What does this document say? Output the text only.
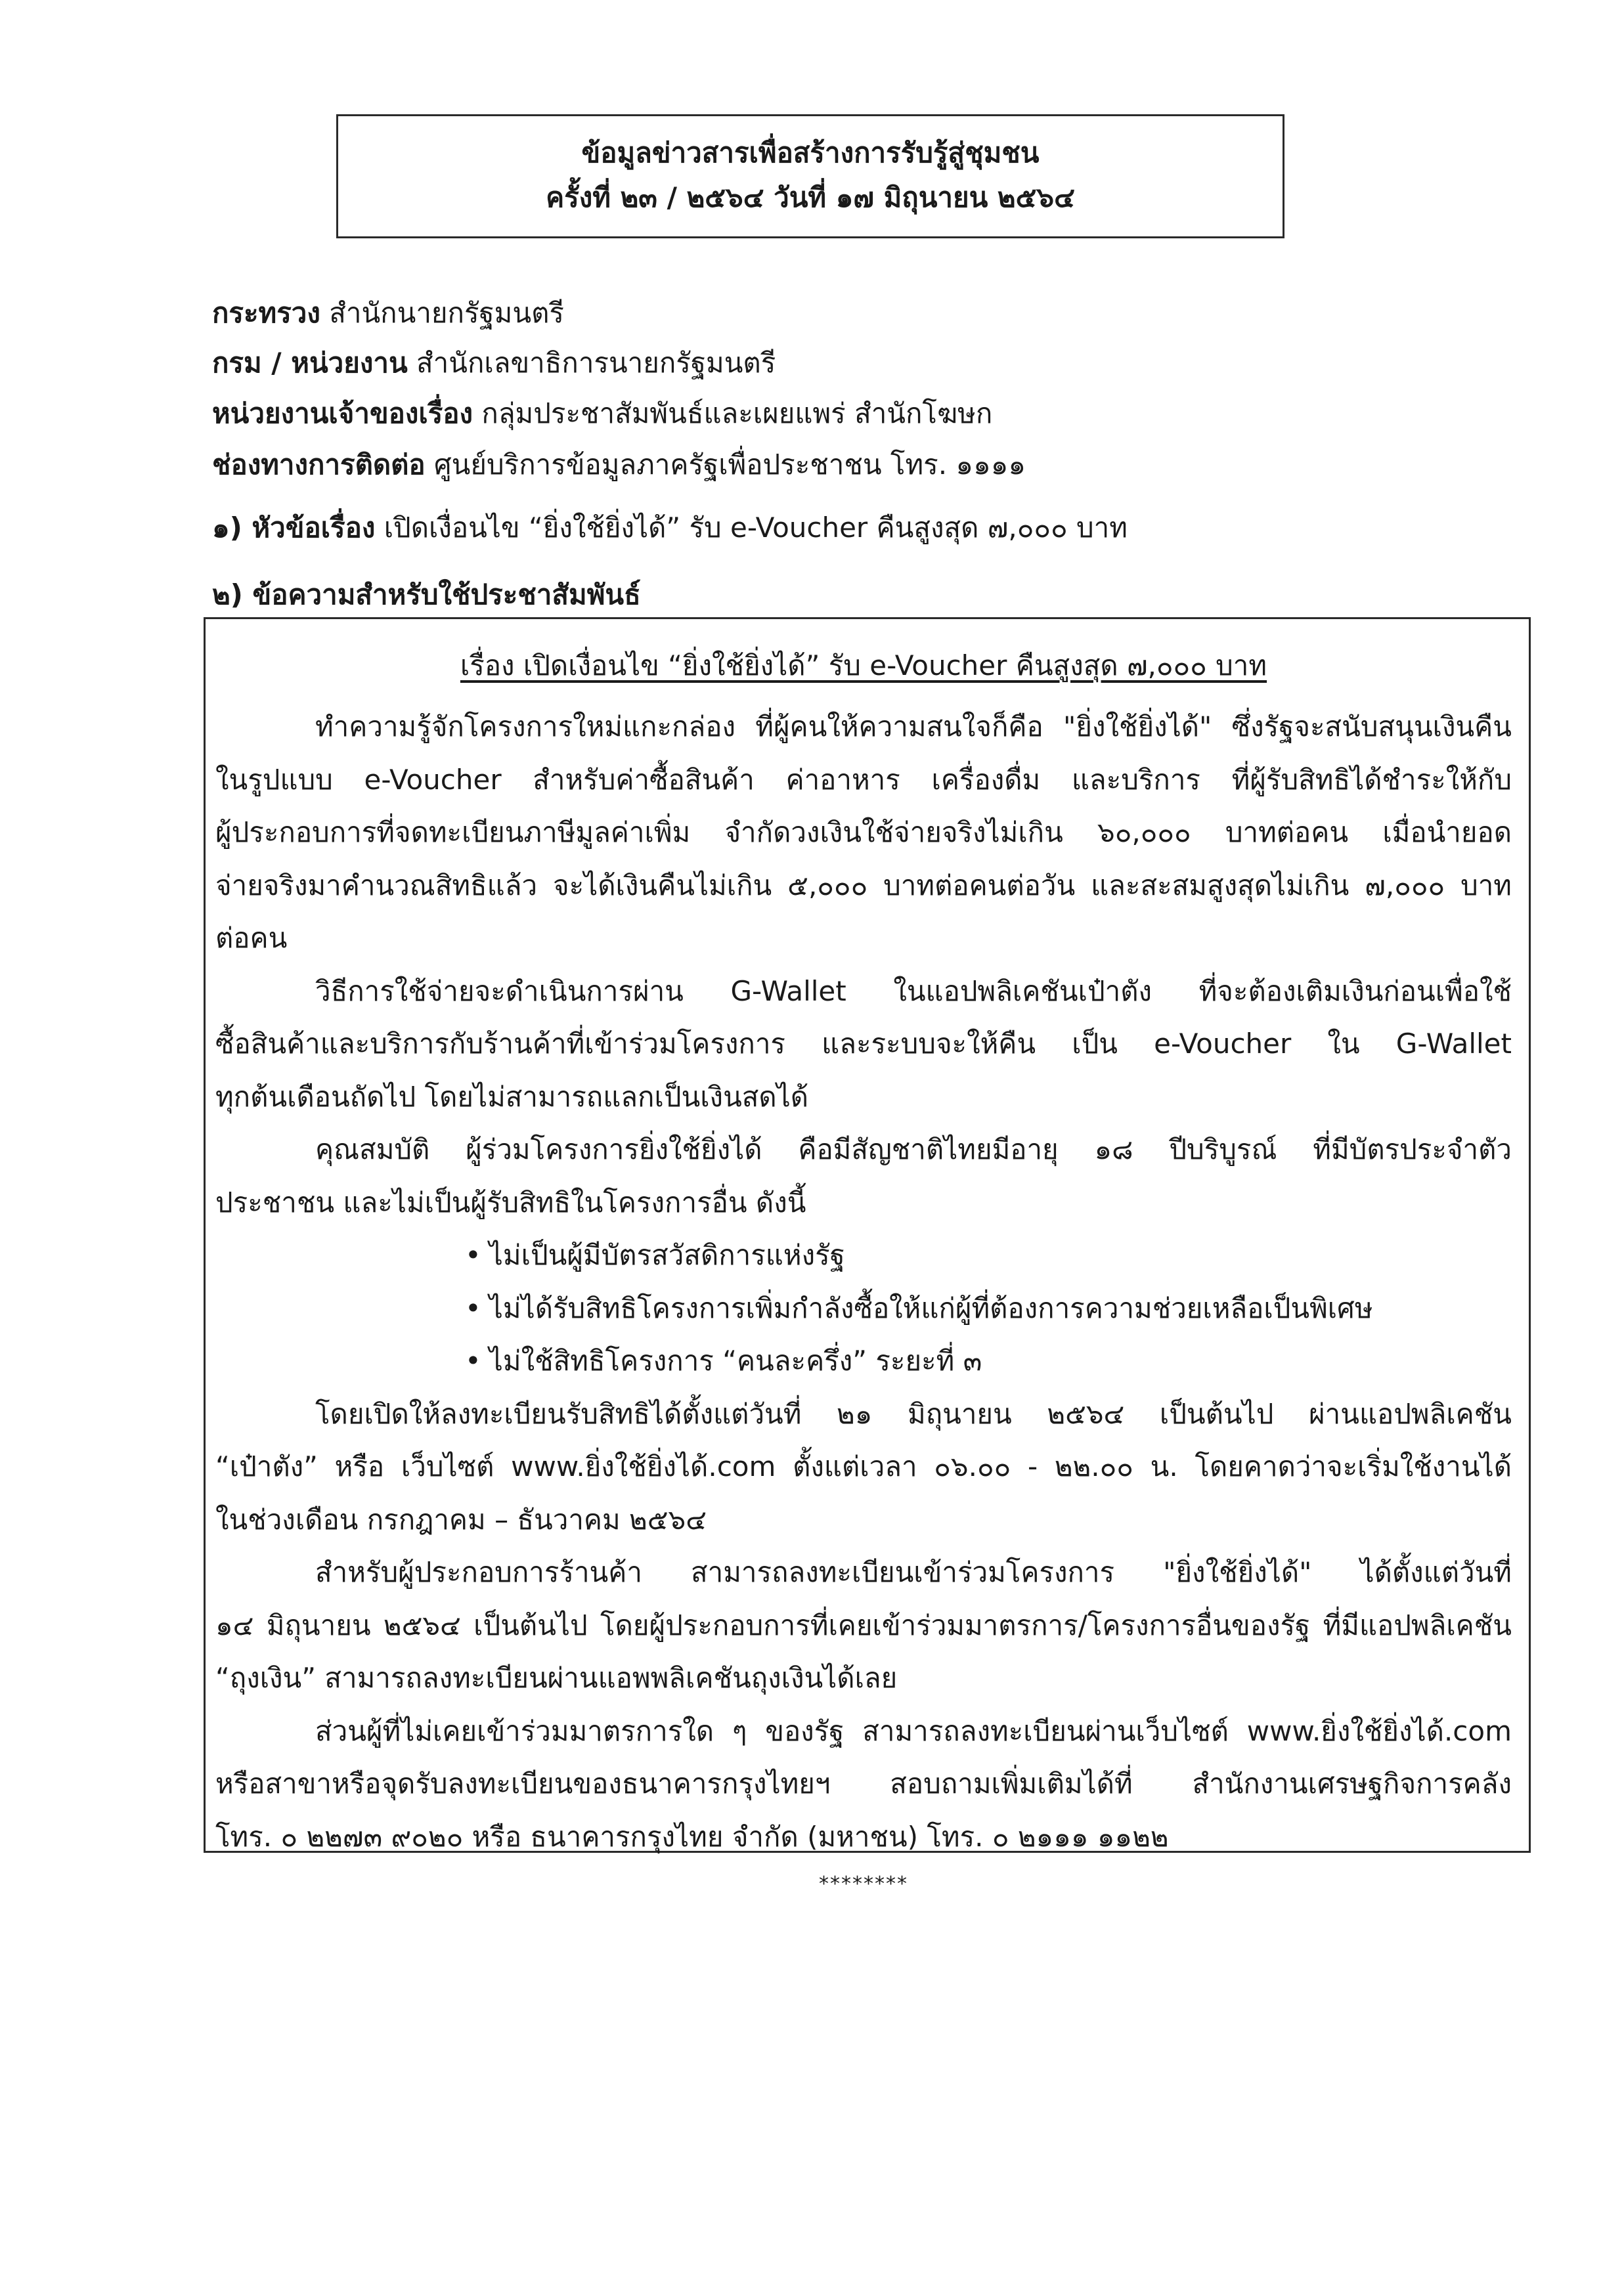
ข้อมูลข่าวสารเพื่อสร้างการรับรู้สู่ชุมชน
ครั้งที่ ๒๓ / ๒๕๖๔ วันที่ ๑๗ มิถุนายน ๒๕๖๔
กระทรวง สำนักนายกรัฐมนตรี
กรม / หน่วยงาน สำนักเลขาธิการนายกรัฐมนตรี
หน่วยงานเจ้าของเรื่อง กลุ่มประชาสัมพันธ์และเผยแพร่ สำนักโฆษก
ช่องทางการติดต่อ ศูนย์บริการข้อมูลภาครัฐเพื่อประชาชน โทร. ๑๑๑๑
๑) หัวข้อเรื่อง เปิดเงื่อนไข “ยิ่งใช้ยิ่งได้” รับ e-Voucher คืนสูงสุด ๗,๐๐๐ บาท
๒) ข้อความสำหรับใช้ประชาสัมพันธ์
เรื่อง เปิดเงื่อนไข “ยิ่งใช้ยิ่งได้” รับ e-Voucher คืนสูงสุด ๗,๐๐๐ บาท
ทำความรู้จักโครงการใหม่แกะกล่อง ที่ผู้คนให้ความสนใจก็คือ "ยิ่งใช้ยิ่งได้" ซึ่งรัฐจะสนับสนุนเงินคืน
ในรูปแบบ e-Voucher สำหรับค่าซื้อสินค้า ค่าอาหาร เครื่องดื่ม และบริการ ที่ผู้รับสิทธิได้ชำระให้กับ
ผู้ประกอบการที่จดทะเบียนภาษีมูลค่าเพิ่ม จำกัดวงเงินใช้จ่ายจริงไม่เกิน ๖๐,๐๐๐ บาทต่อคน เมื่อนำยอด
จ่ายจริงมาคำนวณสิทธิแล้ว จะได้เงินคืนไม่เกิน ๕,๐๐๐ บาทต่อคนต่อวัน และสะสมสูงสุดไม่เกิน ๗,๐๐๐ บาท
ต่อคน
วิธีการใช้จ่ายจะดำเนินการผ่าน G-Wallet ในแอปพลิเคชันเป๋าตัง ที่จะต้องเติมเงินก่อนเพื่อใช้
ซื้อสินค้าและบริการกับร้านค้าที่เข้าร่วมโครงการ และระบบจะให้คืน เป็น e-Voucher ใน G-Wallet
ทุกต้นเดือนถัดไป โดยไม่สามารถแลกเป็นเงินสดได้
คุณสมบัติ ผู้ร่วมโครงการยิ่งใช้ยิ่งได้ คือมีสัญชาติไทยมีอายุ ๑๘ ปีบริบูรณ์ ที่มีบัตรประจำตัว
ประชาชน และไม่เป็นผู้รับสิทธิในโครงการอื่น ดังนี้
• ไม่เป็นผู้มีบัตรสวัสดิการแห่งรัฐ
• ไม่ได้รับสิทธิโครงการเพิ่มกำลังซื้อให้แก่ผู้ที่ต้องการความช่วยเหลือเป็นพิเศษ
• ไม่ใช้สิทธิโครงการ “คนละครึ่ง” ระยะที่ ๓
โดยเปิดให้ลงทะเบียนรับสิทธิได้ตั้งแต่วันที่ ๒๑ มิถุนายน ๒๕๖๔ เป็นต้นไป ผ่านแอปพลิเคชัน
“เป๋าตัง” หรือ เว็บไซต์ www.ยิ่งใช้ยิ่งได้.com ตั้งแต่เวลา ๐๖.๐๐ - ๒๒.๐๐ น. โดยคาดว่าจะเริ่มใช้งานได้
ในช่วงเดือน กรกฎาคม – ธันวาคม ๒๕๖๔
สำหรับผู้ประกอบการร้านค้า สามารถลงทะเบียนเข้าร่วมโครงการ "ยิ่งใช้ยิ่งได้" ได้ตั้งแต่วันที่
๑๔ มิถุนายน ๒๕๖๔ เป็นต้นไป โดยผู้ประกอบการที่เคยเข้าร่วมมาตรการ/โครงการอื่นของรัฐ ที่มีแอปพลิเคชัน
“ถุงเงิน” สามารถลงทะเบียนผ่านแอพพลิเคชันถุงเงินได้เลย
ส่วนผู้ที่ไม่เคยเข้าร่วมมาตรการใด ๆ ของรัฐ สามารถลงทะเบียนผ่านเว็บไซต์ www.ยิ่งใช้ยิ่งได้.com
หรือสาขาหรือจุดรับลงทะเบียนของธนาคารกรุงไทยฯ สอบถามเพิ่มเติมได้ที่ สำนักงานเศรษฐกิจการคลัง
โทร. ๐ ๒๒๗๓ ๙๐๒๐ หรือ ธนาคารกรุงไทย จำกัด (มหาชน) โทร. ๐ ๒๑๑๑ ๑๑๒๒
********
